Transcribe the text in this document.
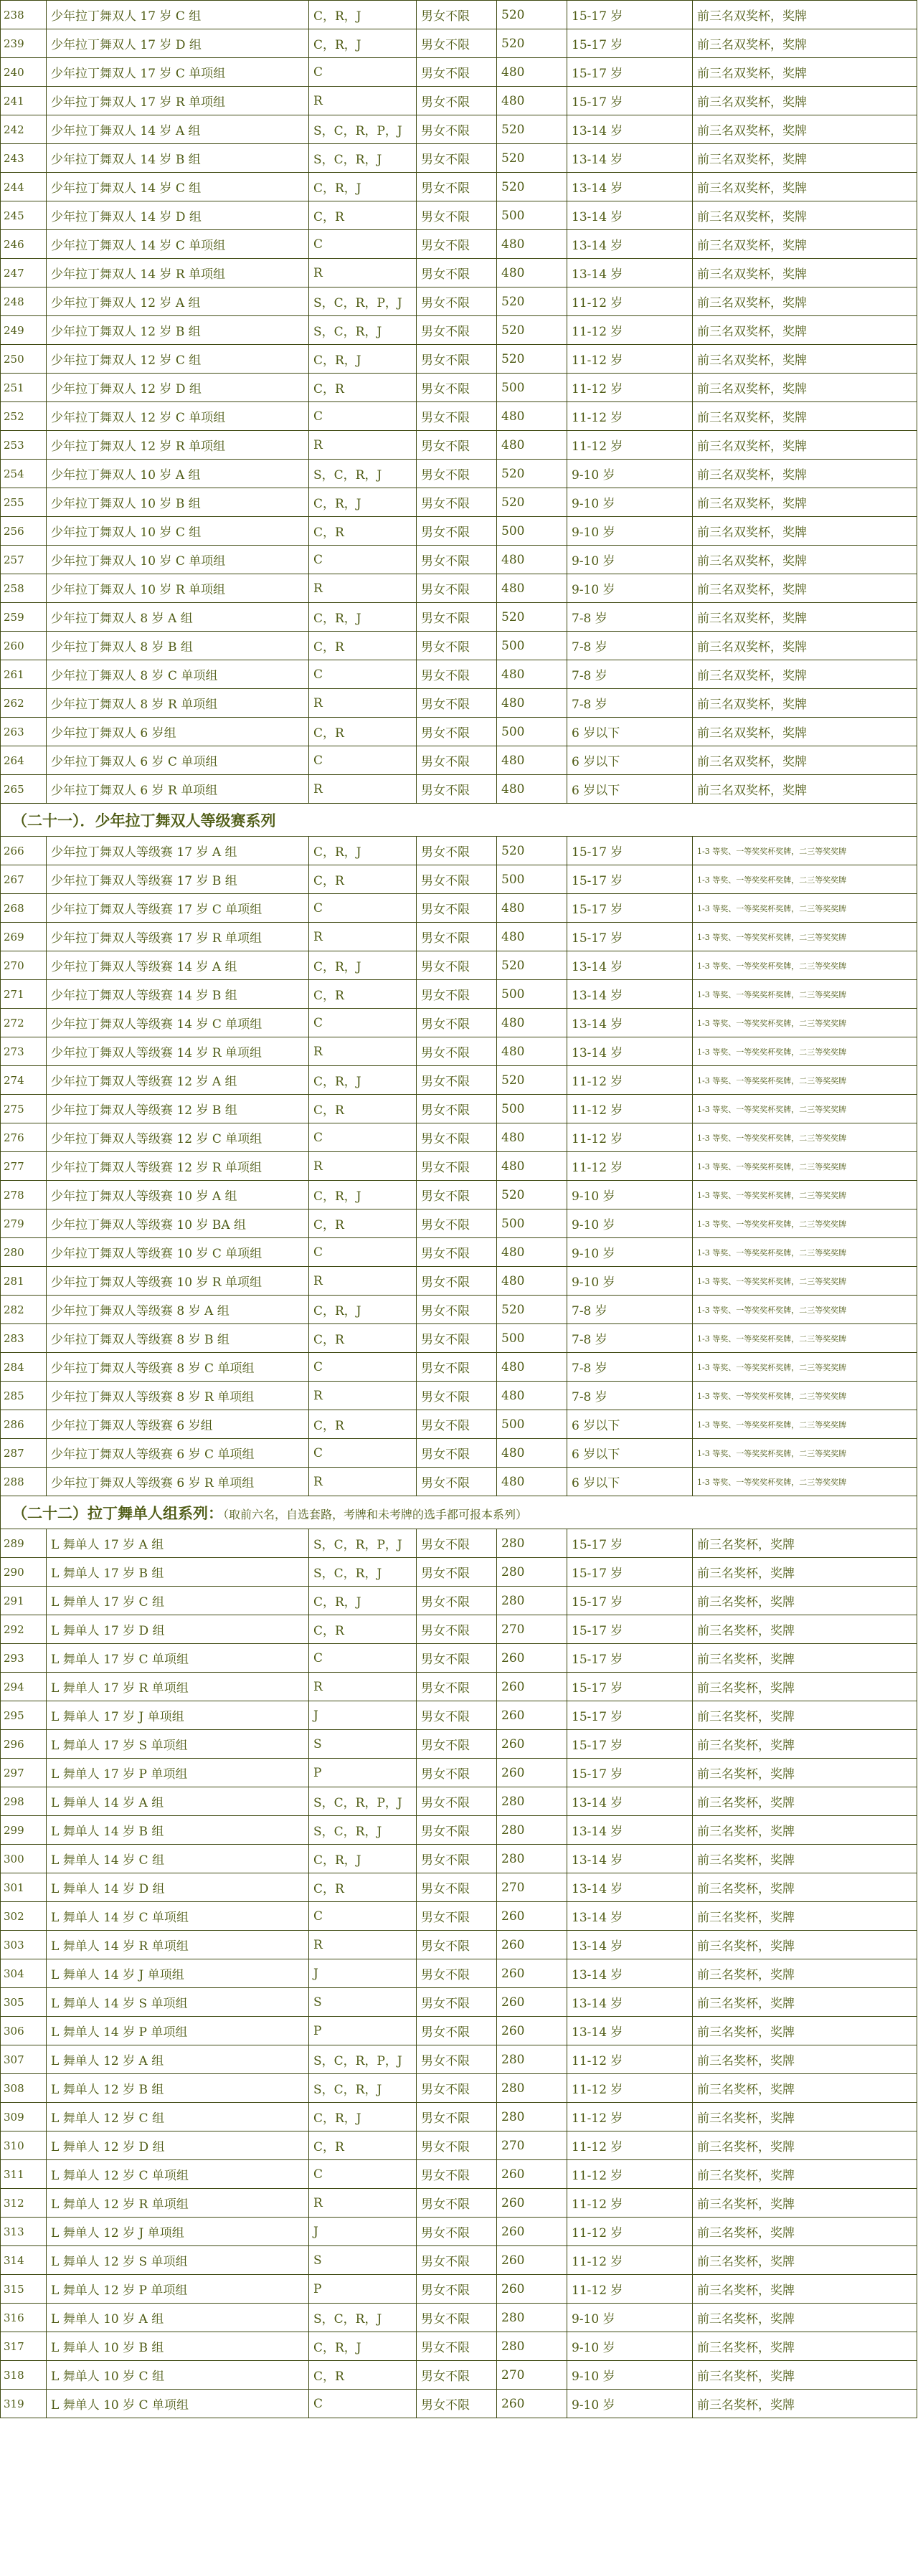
238	少年拉丁舞双人 17 岁 C 组	C，R，J	男女不限	520	15-17 岁	前三名双奖杯，奖牌
239	少年拉丁舞双人 17 岁 D 组	C，R，J	男女不限	520	15-17 岁	前三名双奖杯，奖牌
240	少年拉丁舞双人 17 岁 C 单项组	C	男女不限	480	15-17 岁	前三名双奖杯，奖牌
241	少年拉丁舞双人 17 岁 R 单项组	R	男女不限	480	15-17 岁	前三名双奖杯，奖牌
242	少年拉丁舞双人 14 岁 A 组	S，C，R，P，J	男女不限	520	13-14 岁	前三名双奖杯，奖牌
243	少年拉丁舞双人 14 岁 B 组	S，C，R，J	男女不限	520	13-14 岁	前三名双奖杯，奖牌
244	少年拉丁舞双人 14 岁 C 组	C，R，J	男女不限	520	13-14 岁	前三名双奖杯，奖牌
245	少年拉丁舞双人 14 岁 D 组	C，R	男女不限	500	13-14 岁	前三名双奖杯，奖牌
246	少年拉丁舞双人 14 岁 C 单项组	C	男女不限	480	13-14 岁	前三名双奖杯，奖牌
247	少年拉丁舞双人 14 岁 R 单项组	R	男女不限	480	13-14 岁	前三名双奖杯，奖牌
248	少年拉丁舞双人 12 岁 A 组	S，C，R，P，J	男女不限	520	11-12 岁	前三名双奖杯，奖牌
249	少年拉丁舞双人 12 岁 B 组	S，C，R，J	男女不限	520	11-12 岁	前三名双奖杯，奖牌
250	少年拉丁舞双人 12 岁 C 组	C，R，J	男女不限	520	11-12 岁	前三名双奖杯，奖牌
251	少年拉丁舞双人 12 岁 D 组	C，R	男女不限	500	11-12 岁	前三名双奖杯，奖牌
252	少年拉丁舞双人 12 岁 C 单项组	C	男女不限	480	11-12 岁	前三名双奖杯，奖牌
253	少年拉丁舞双人 12 岁 R 单项组	R	男女不限	480	11-12 岁	前三名双奖杯，奖牌
254	少年拉丁舞双人 10 岁 A 组	S，C，R，J	男女不限	520	9-10 岁	前三名双奖杯，奖牌
255	少年拉丁舞双人 10 岁 B 组	C，R，J	男女不限	520	9-10 岁	前三名双奖杯，奖牌
256	少年拉丁舞双人 10 岁 C 组	C，R	男女不限	500	9-10 岁	前三名双奖杯，奖牌
257	少年拉丁舞双人 10 岁 C 单项组	C	男女不限	480	9-10 岁	前三名双奖杯，奖牌
258	少年拉丁舞双人 10 岁 R 单项组	R	男女不限	480	9-10 岁	前三名双奖杯，奖牌
259	少年拉丁舞双人 8 岁 A 组	C，R，J	男女不限	520	7-8 岁	前三名双奖杯，奖牌
260	少年拉丁舞双人 8 岁 B 组	C，R	男女不限	500	7-8 岁	前三名双奖杯，奖牌
261	少年拉丁舞双人 8 岁 C 单项组	C	男女不限	480	7-8 岁	前三名双奖杯，奖牌
262	少年拉丁舞双人 8 岁 R 单项组	R	男女不限	480	7-8 岁	前三名双奖杯，奖牌
263	少年拉丁舞双人 6 岁组	C，R	男女不限	500	6 岁以下	前三名双奖杯，奖牌
264	少年拉丁舞双人 6 岁 C 单项组	C	男女不限	480	6 岁以下	前三名双奖杯，奖牌
265	少年拉丁舞双人 6 岁 R 单项组	R	男女不限	480	6 岁以下	前三名双奖杯，奖牌
（二十一）．少年拉丁舞双人等级赛系列						
266	少年拉丁舞双人等级赛 17 岁 A 组	C，R，J	男女不限	520	15-17 岁	1-3 等奖、一等奖奖杯奖牌，二三等奖奖牌
267	少年拉丁舞双人等级赛 17 岁 B 组	C，R	男女不限	500	15-17 岁	1-3 等奖、一等奖奖杯奖牌，二三等奖奖牌
268	少年拉丁舞双人等级赛 17 岁 C 单项组	C	男女不限	480	15-17 岁	1-3 等奖、一等奖奖杯奖牌，二三等奖奖牌
269	少年拉丁舞双人等级赛 17 岁 R 单项组	R	男女不限	480	15-17 岁	1-3 等奖、一等奖奖杯奖牌，二三等奖奖牌
270	少年拉丁舞双人等级赛 14 岁 A 组	C，R，J	男女不限	520	13-14 岁	1-3 等奖、一等奖奖杯奖牌，二三等奖奖牌
271	少年拉丁舞双人等级赛 14 岁 B 组	C，R	男女不限	500	13-14 岁	1-3 等奖、一等奖奖杯奖牌，二三等奖奖牌
272	少年拉丁舞双人等级赛 14 岁 C 单项组	C	男女不限	480	13-14 岁	1-3 等奖、一等奖奖杯奖牌，二三等奖奖牌
273	少年拉丁舞双人等级赛 14 岁 R 单项组	R	男女不限	480	13-14 岁	1-3 等奖、一等奖奖杯奖牌，二三等奖奖牌
274	少年拉丁舞双人等级赛 12 岁 A 组	C，R，J	男女不限	520	11-12 岁	1-3 等奖、一等奖奖杯奖牌，二三等奖奖牌
275	少年拉丁舞双人等级赛 12 岁 B 组	C，R	男女不限	500	11-12 岁	1-3 等奖、一等奖奖杯奖牌，二三等奖奖牌
276	少年拉丁舞双人等级赛 12 岁 C 单项组	C	男女不限	480	11-12 岁	1-3 等奖、一等奖奖杯奖牌，二三等奖奖牌
277	少年拉丁舞双人等级赛 12 岁 R 单项组	R	男女不限	480	11-12 岁	1-3 等奖、一等奖奖杯奖牌，二三等奖奖牌
278	少年拉丁舞双人等级赛 10 岁 A 组	C，R，J	男女不限	520	9-10 岁	1-3 等奖、一等奖奖杯奖牌，二三等奖奖牌
279	少年拉丁舞双人等级赛 10 岁 BA 组	C，R	男女不限	500	9-10 岁	1-3 等奖、一等奖奖杯奖牌，二三等奖奖牌
280	少年拉丁舞双人等级赛 10 岁 C 单项组	C	男女不限	480	9-10 岁	1-3 等奖、一等奖奖杯奖牌，二三等奖奖牌
281	少年拉丁舞双人等级赛 10 岁 R 单项组	R	男女不限	480	9-10 岁	1-3 等奖、一等奖奖杯奖牌，二三等奖奖牌
282	少年拉丁舞双人等级赛 8 岁 A 组	C，R，J	男女不限	520	7-8 岁	1-3 等奖、一等奖奖杯奖牌，二三等奖奖牌
283	少年拉丁舞双人等级赛 8 岁 B 组	C，R	男女不限	500	7-8 岁	1-3 等奖、一等奖奖杯奖牌，二三等奖奖牌
284	少年拉丁舞双人等级赛 8 岁 C 单项组	C	男女不限	480	7-8 岁	1-3 等奖、一等奖奖杯奖牌，二三等奖奖牌
285	少年拉丁舞双人等级赛 8 岁 R 单项组	R	男女不限	480	7-8 岁	1-3 等奖、一等奖奖杯奖牌，二三等奖奖牌
286	少年拉丁舞双人等级赛 6 岁组	C，R	男女不限	500	6 岁以下	1-3 等奖、一等奖奖杯奖牌，二三等奖奖牌
287	少年拉丁舞双人等级赛 6 岁 C 单项组	C	男女不限	480	6 岁以下	1-3 等奖、一等奖奖杯奖牌，二三等奖奖牌
288	少年拉丁舞双人等级赛 6 岁 R 单项组	R	男女不限	480	6 岁以下	1-3 等奖、一等奖奖杯奖牌，二三等奖奖牌
（二十二）拉丁舞单人组系列：（取前六名，自选套路，考牌和未考牌的选手都可报本系列）						
289	L 舞单人 17 岁 A 组	S，C，R，P，J	男女不限	280	15-17 岁	前三名奖杯，奖牌
290	L 舞单人 17 岁 B 组	S，C，R，J	男女不限	280	15-17 岁	前三名奖杯，奖牌
291	L 舞单人 17 岁 C 组	C，R，J	男女不限	280	15-17 岁	前三名奖杯，奖牌
292	L 舞单人 17 岁 D 组	C，R	男女不限	270	15-17 岁	前三名奖杯，奖牌
293	L 舞单人 17 岁 C 单项组	C	男女不限	260	15-17 岁	前三名奖杯，奖牌
294	L 舞单人 17 岁 R 单项组	R	男女不限	260	15-17 岁	前三名奖杯，奖牌
295	L 舞单人 17 岁 J 单项组	J	男女不限	260	15-17 岁	前三名奖杯，奖牌
296	L 舞单人 17 岁 S 单项组	S	男女不限	260	15-17 岁	前三名奖杯，奖牌
297	L 舞单人 17 岁 P 单项组	P	男女不限	260	15-17 岁	前三名奖杯，奖牌
298	L 舞单人 14 岁 A 组	S，C，R，P，J	男女不限	280	13-14 岁	前三名奖杯，奖牌
299	L 舞单人 14 岁 B 组	S，C，R，J	男女不限	280	13-14 岁	前三名奖杯，奖牌
300	L 舞单人 14 岁 C 组	C，R，J	男女不限	280	13-14 岁	前三名奖杯，奖牌
301	L 舞单人 14 岁 D 组	C，R	男女不限	270	13-14 岁	前三名奖杯，奖牌
302	L 舞单人 14 岁 C 单项组	C	男女不限	260	13-14 岁	前三名奖杯，奖牌
303	L 舞单人 14 岁 R 单项组	R	男女不限	260	13-14 岁	前三名奖杯，奖牌
304	L 舞单人 14 岁 J 单项组	J	男女不限	260	13-14 岁	前三名奖杯，奖牌
305	L 舞单人 14 岁 S 单项组	S	男女不限	260	13-14 岁	前三名奖杯，奖牌
306	L 舞单人 14 岁 P 单项组	P	男女不限	260	13-14 岁	前三名奖杯，奖牌
307	L 舞单人 12 岁 A 组	S，C，R，P，J	男女不限	280	11-12 岁	前三名奖杯，奖牌
308	L 舞单人 12 岁 B 组	S，C，R，J	男女不限	280	11-12 岁	前三名奖杯，奖牌
309	L 舞单人 12 岁 C 组	C，R，J	男女不限	280	11-12 岁	前三名奖杯，奖牌
310	L 舞单人 12 岁 D 组	C，R	男女不限	270	11-12 岁	前三名奖杯，奖牌
311	L 舞单人 12 岁 C 单项组	C	男女不限	260	11-12 岁	前三名奖杯，奖牌
312	L 舞单人 12 岁 R 单项组	R	男女不限	260	11-12 岁	前三名奖杯，奖牌
313	L 舞单人 12 岁 J 单项组	J	男女不限	260	11-12 岁	前三名奖杯，奖牌
314	L 舞单人 12 岁 S 单项组	S	男女不限	260	11-12 岁	前三名奖杯，奖牌
315	L 舞单人 12 岁 P 单项组	P	男女不限	260	11-12 岁	前三名奖杯，奖牌
316	L 舞单人 10 岁 A 组	S，C，R，J	男女不限	280	9-10 岁	前三名奖杯，奖牌
317	L 舞单人 10 岁 B 组	C，R，J	男女不限	280	9-10 岁	前三名奖杯，奖牌
318	L 舞单人 10 岁 C 组	C，R	男女不限	270	9-10 岁	前三名奖杯，奖牌
319	L 舞单人 10 岁 C 单项组	C	男女不限	260	9-10 岁	前三名奖杯，奖牌
